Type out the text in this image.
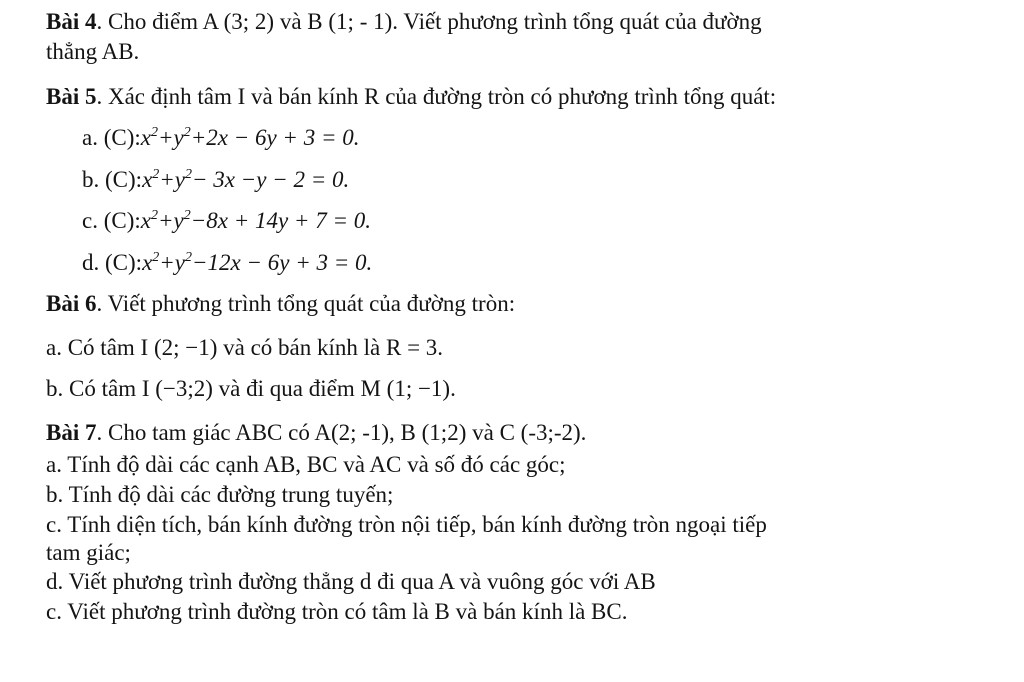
Bài 4. Cho điểm A (3; 2) và B (1; - 1). Viết phương trình tổng quát của đường
thẳng AB.
Bài 5. Xác định tâm I và bán kính R của đường tròn có phương trình tổng quát:
a. $(C):x^2+y^2+2x - 6y + 3 = 0$.
b. $(C):x^2+y^2- 3x -y - 2 = 0$.
c. $(C):x^2+y^2-8x + 14y + 7 = 0$.
d. $(C):x^2+y^2-12x - 6y + 3 = 0$.
Bài 6. Viết phương trình tổng quát của đường tròn:
a. Có tâm I (2; −1) và có bán kính là R = 3.
b. Có tâm I (−3;2) và đi qua điểm M (1; −1).
Bài 7. Cho tam giác ABC có A(2; -1), B (1;2) và C (-3;-2).
a. Tính độ dài các cạnh AB, BC và AC và số đó các góc;
b. Tính độ dài các đường trung tuyến;
c. Tính diện tích, bán kính đường tròn nội tiếp, bán kính đường tròn ngoại tiếp
tam giác;
d. Viết phương trình đường thẳng d đi qua A và vuông góc với AB
c. Viết phương trình đường tròn có tâm là B và bán kính là BC.
